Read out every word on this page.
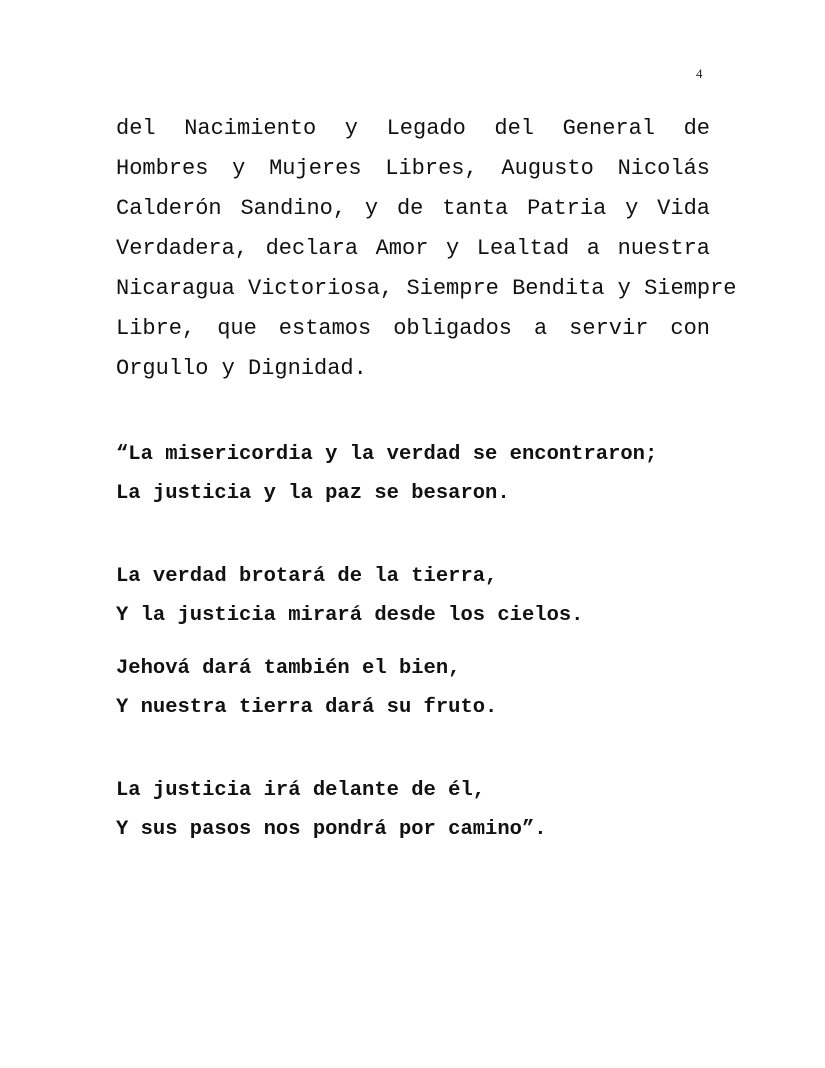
4
del Nacimiento y Legado del General de
Hombres y Mujeres Libres, Augusto Nicolás
Calderón Sandino, y de tanta Patria y Vida
Verdadera, declara Amor y Lealtad a nuestra
Nicaragua Victoriosa, Siempre Bendita y Siempre
Libre, que estamos obligados a servir con
Orgullo y Dignidad.
“La misericordia y la verdad se encontraron;
La justicia y la paz se besaron.
La verdad brotará de la tierra,
Y la justicia mirará desde los cielos.
Jehová dará también el bien,
Y nuestra tierra dará su fruto.
La justicia irá delante de él,
Y sus pasos nos pondrá por camino”.
